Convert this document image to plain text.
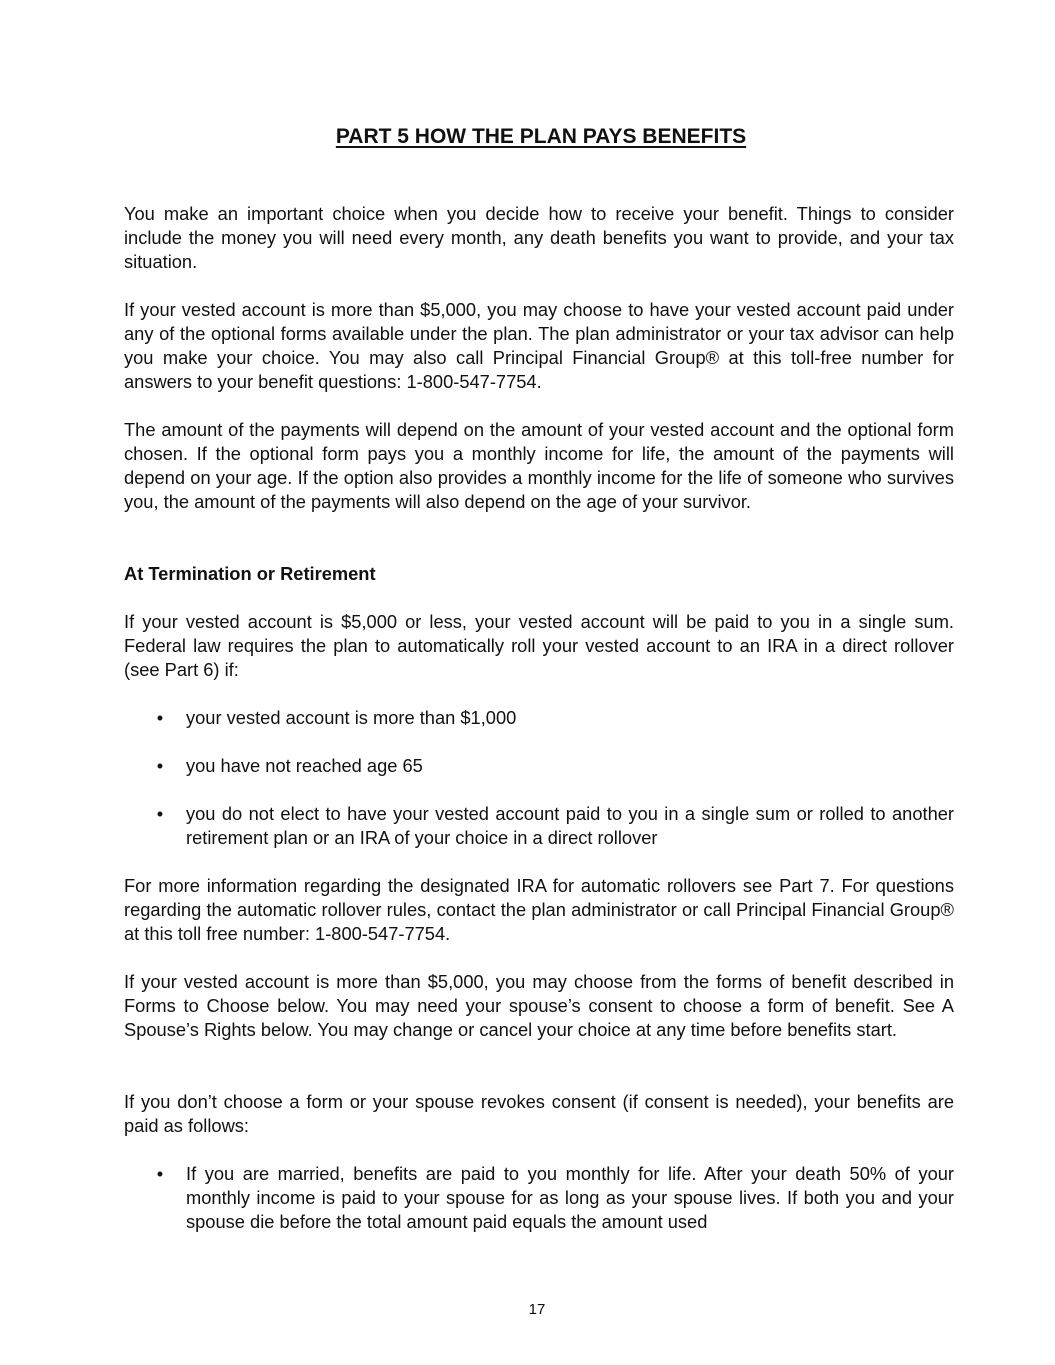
PART 5 HOW THE PLAN PAYS BENEFITS

You make an important choice when you decide how to receive your benefit. Things to consider include the money you will need every month, any death benefits you want to provide, and your tax situation.

If your vested account is more than $5,000, you may choose to have your vested account paid under any of the optional forms available under the plan. The plan administrator or your tax advisor can help you make your choice. You may also call Principal Financial Group® at this toll-free number for answers to your benefit questions: 1-800-547-7754.

The amount of the payments will depend on the amount of your vested account and the optional form chosen. If the optional form pays you a monthly income for life, the amount of the payments will depend on your age. If the option also provides a monthly income for the life of someone who survives you, the amount of the payments will also depend on the age of your survivor.

At Termination or Retirement

If your vested account is $5,000 or less, your vested account will be paid to you in a single sum. Federal law requires the plan to automatically roll your vested account to an IRA in a direct rollover (see Part 6) if:

• your vested account is more than $1,000

• you have not reached age 65

• you do not elect to have your vested account paid to you in a single sum or rolled to another retirement plan or an IRA of your choice in a direct rollover

For more information regarding the designated IRA for automatic rollovers see Part 7. For questions regarding the automatic rollover rules, contact the plan administrator or call Principal Financial Group® at this toll free number: 1-800-547-7754.

If your vested account is more than $5,000, you may choose from the forms of benefit described in Forms to Choose below. You may need your spouse’s consent to choose a form of benefit. See A Spouse’s Rights below. You may change or cancel your choice at any time before benefits start.

If you don’t choose a form or your spouse revokes consent (if consent is needed), your benefits are paid as follows:

• If you are married, benefits are paid to you monthly for life. After your death 50% of your monthly income is paid to your spouse for as long as your spouse lives. If both you and your spouse die before the total amount paid equals the amount used

17
